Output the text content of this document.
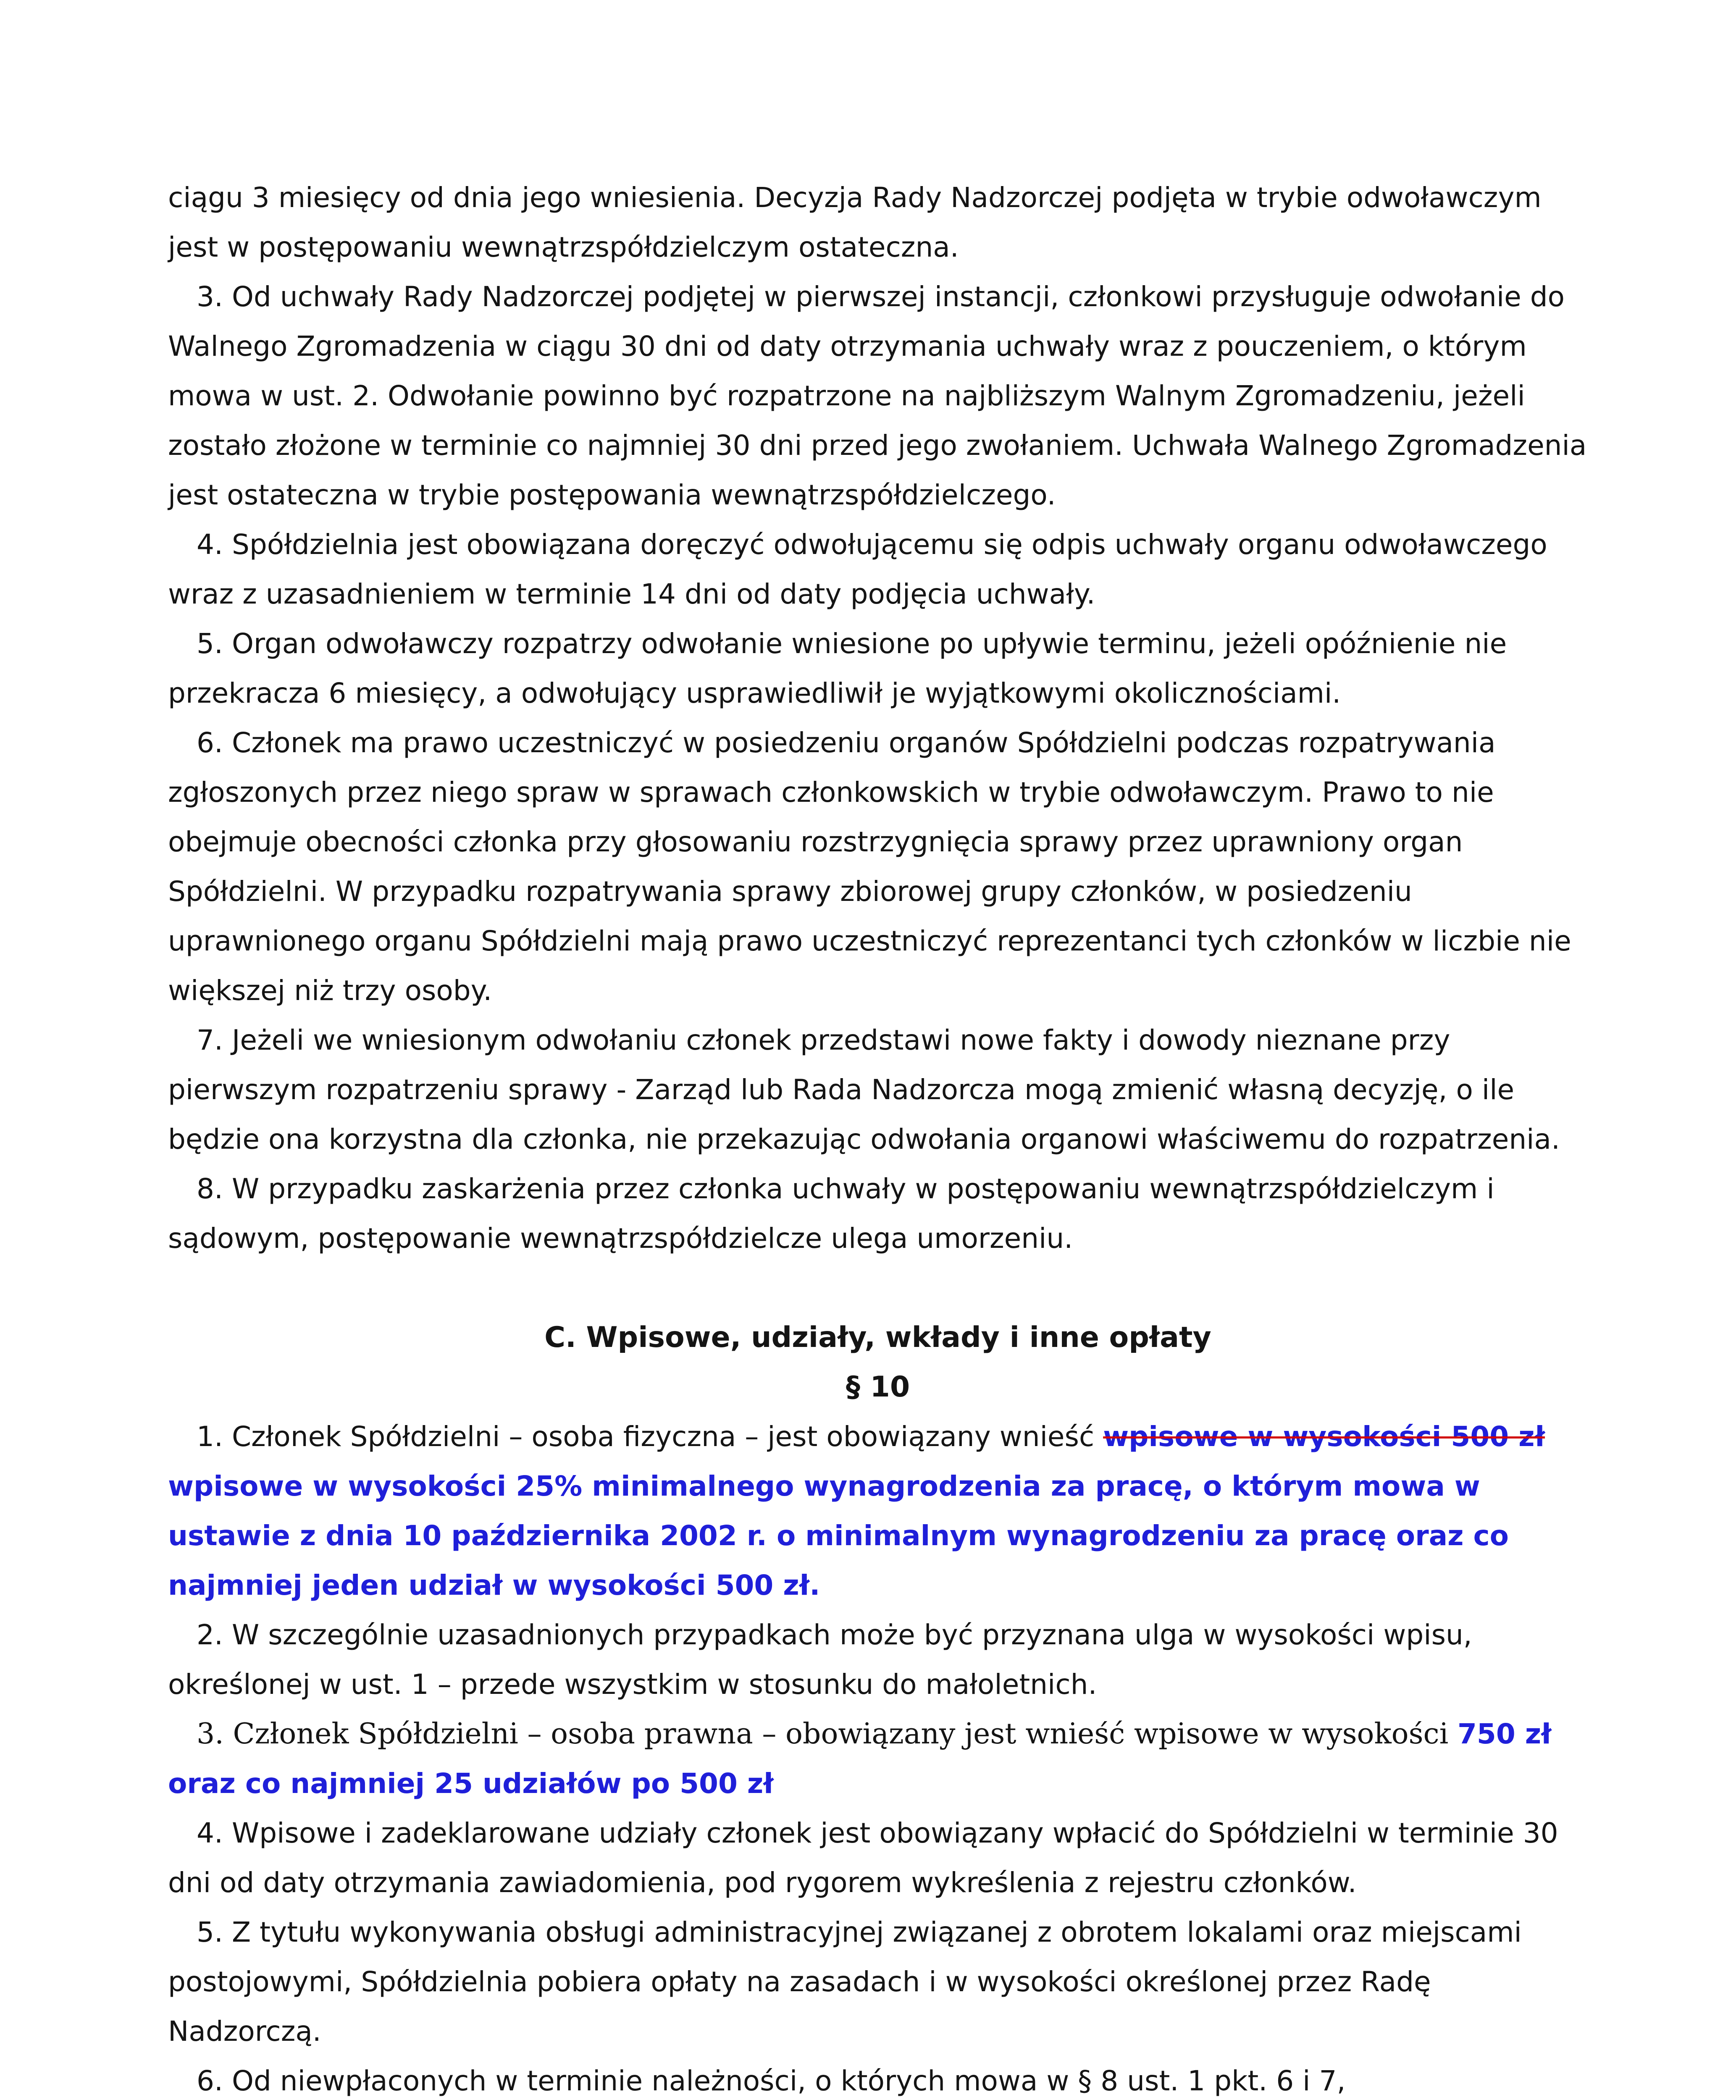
ciągu 3 miesięcy od dnia jego wniesienia. Decyzja Rady Nadzorczej podjęta w trybie odwoławczym jest w postępowaniu wewnątrzspółdzielczym ostateczna.

3. Od uchwały Rady Nadzorczej podjętej w pierwszej instancji, członkowi przysługuje odwołanie do Walnego Zgromadzenia w ciągu 30 dni od daty otrzymania uchwały wraz z pouczeniem, o którym mowa w ust. 2. Odwołanie powinno być rozpatrzone na najbliższym Walnym Zgromadzeniu, jeżeli zostało złożone w terminie co najmniej 30 dni przed jego zwołaniem. Uchwała Walnego Zgromadzenia jest ostateczna w trybie postępowania wewnątrzspółdzielczego.

4. Spółdzielnia jest obowiązana doręczyć odwołującemu się odpis uchwały organu odwoławczego wraz z uzasadnieniem w terminie 14 dni od daty podjęcia uchwały.

5. Organ odwoławczy rozpatrzy odwołanie wniesione po upływie terminu, jeżeli opóźnienie nie przekracza 6 miesięcy, a odwołujący usprawiedliwił je wyjątkowymi okolicznościami.

6. Członek ma prawo uczestniczyć w posiedzeniu organów Spółdzielni podczas rozpatrywania zgłoszonych przez niego spraw w sprawach członkowskich w trybie odwoławczym. Prawo to nie obejmuje obecności członka przy głosowaniu rozstrzygnięcia sprawy przez uprawniony organ Spółdzielni. W przypadku rozpatrywania sprawy zbiorowej grupy członków, w posiedzeniu uprawnionego organu Spółdzielni mają prawo uczestniczyć reprezentanci tych członków w liczbie nie większej niż trzy osoby.

7. Jeżeli we wniesionym odwołaniu członek przedstawi nowe fakty i dowody nieznane przy pierwszym rozpatrzeniu sprawy - Zarząd lub Rada Nadzorcza mogą zmienić własną decyzję, o ile będzie ona korzystna dla członka, nie przekazując odwołania organowi właściwemu do rozpatrzenia.

8. W przypadku zaskarżenia przez członka uchwały w postępowaniu wewnątrzspółdzielczym i sądowym, postępowanie wewnątrzspółdzielcze ulega umorzeniu.

C. Wpisowe, udziały, wkłady i inne opłaty

§ 10

1. Członek Spółdzielni – osoba fizyczna – jest obowiązany wnieść wpisowe w wysokości 500 zł wpisowe w wysokości 25% minimalnego wynagrodzenia za pracę, o którym mowa w ustawie z dnia 10 października 2002 r. o minimalnym wynagrodzeniu za pracę oraz co najmniej jeden udział w wysokości 500 zł.

2. W szczególnie uzasadnionych przypadkach może być przyznana ulga w wysokości wpisu, określonej w ust. 1 – przede wszystkim w stosunku do małoletnich.

3. Członek Spółdzielni – osoba prawna – obowiązany jest wnieść wpisowe w wysokości 750 zł oraz co najmniej 25 udziałów po 500 zł

4. Wpisowe i zadeklarowane udziały członek jest obowiązany wpłacić do Spółdzielni w terminie 30 dni od daty otrzymania zawiadomienia, pod rygorem wykreślenia z rejestru członków.

5. Z tytułu wykonywania obsługi administracyjnej związanej z obrotem lokalami oraz miejscami postojowymi, Spółdzielnia pobiera opłaty na zasadach i w wysokości określonej przez Radę Nadzorczą.

6. Od niewpłaconych w terminie należności, o których mowa w § 8 ust. 1 pkt. 6 i 7,
